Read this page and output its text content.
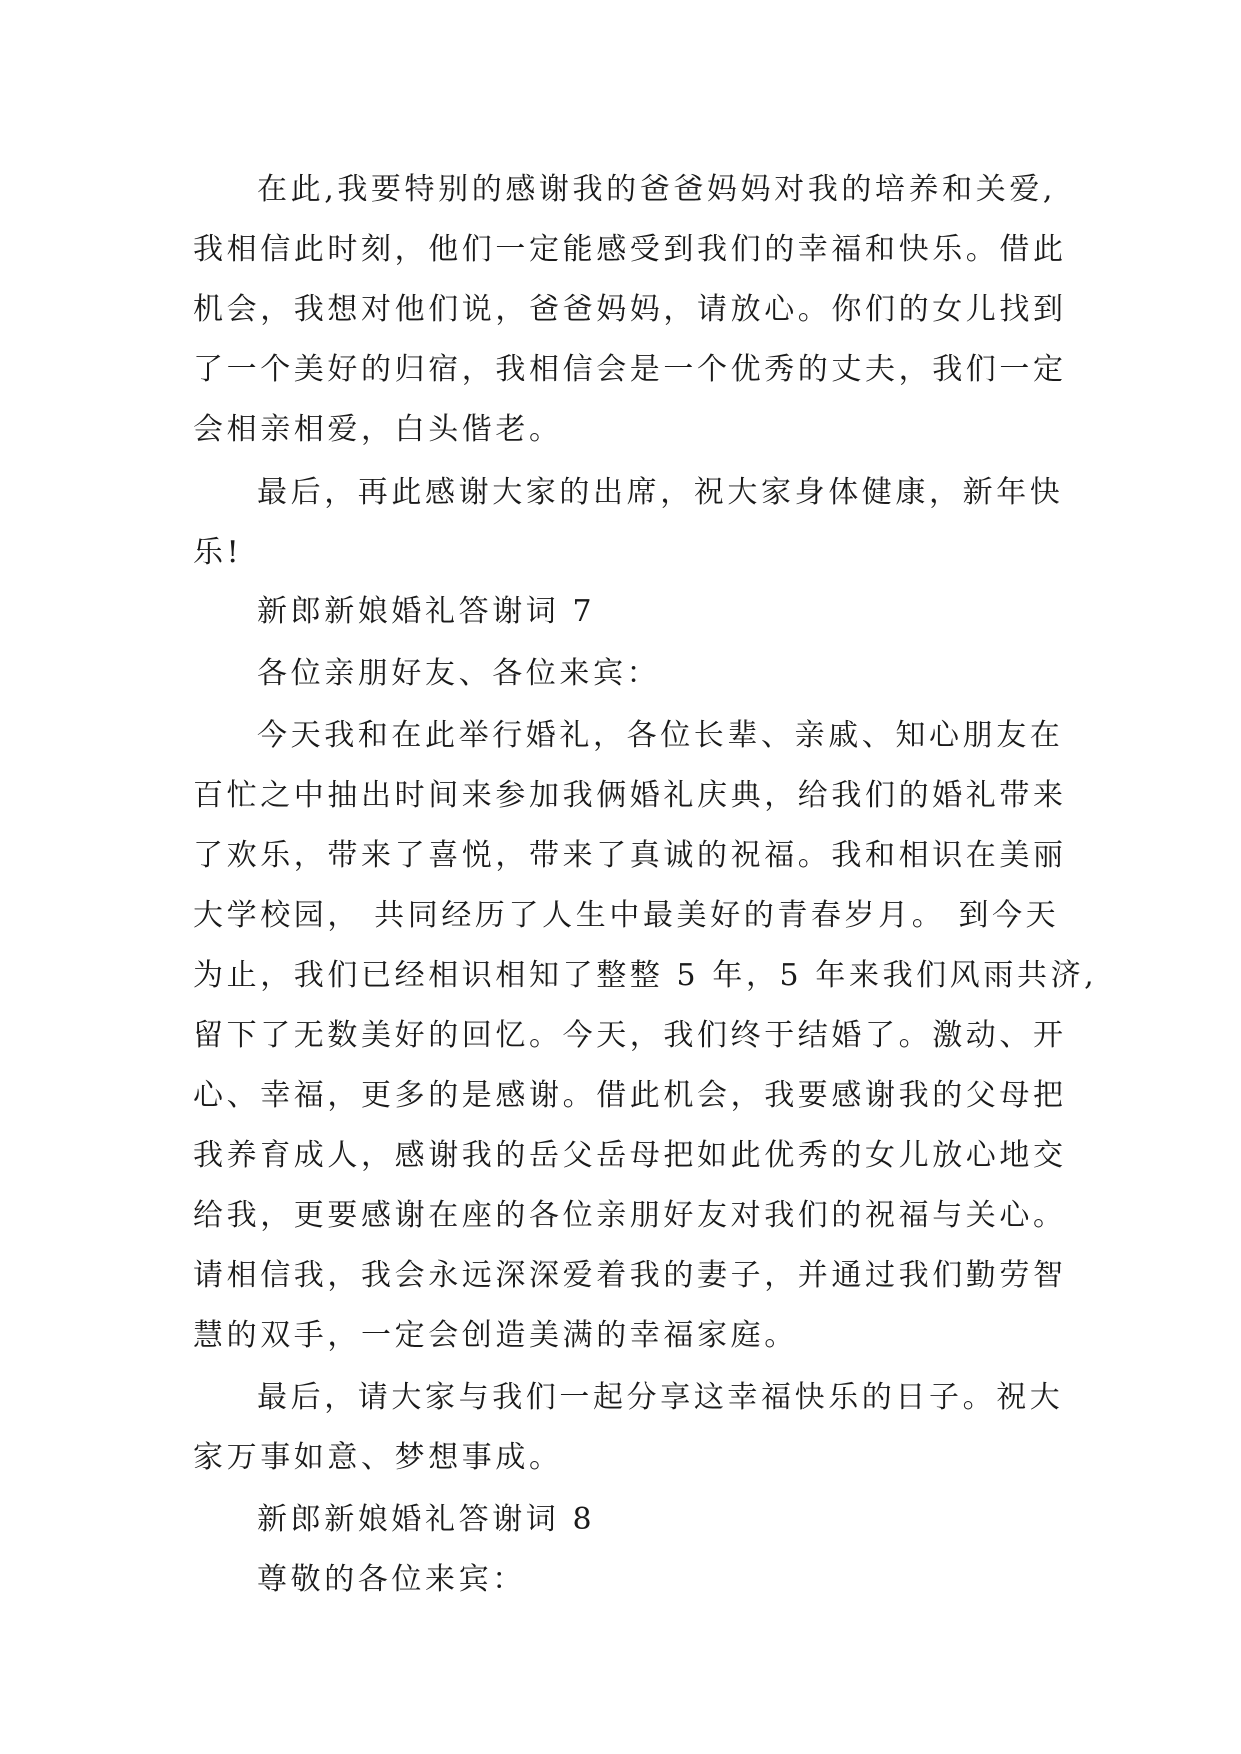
在此,我要特别的感谢我的爸爸妈妈对我的培养和关爱,
我相信此时刻，他们一定能感受到我们的幸福和快乐。借此
机会，我想对他们说，爸爸妈妈，请放心。你们的女儿找到
了一个美好的归宿，我相信会是一个优秀的丈夫，我们一定
会相亲相爱，白头偕老。
最后，再此感谢大家的出席，祝大家身体健康，新年快
乐!
新郎新娘婚礼答谢词 7
各位亲朋好友、各位来宾：
今天我和在此举行婚礼，各位长辈、亲戚、知心朋友在
百忙之中抽出时间来参加我俩婚礼庆典，给我们的婚礼带来
了欢乐，带来了喜悦，带来了真诚的祝福。我和相识在美丽
大学校园， 共同经历了人生中最美好的青春岁月。 到今天
为止，我们已经相识相知了整整 5 年，5 年来我们风雨共济,
留下了无数美好的回忆。今天，我们终于结婚了。激动、开
心、幸福，更多的是感谢。借此机会，我要感谢我的父母把
我养育成人，感谢我的岳父岳母把如此优秀的女儿放心地交
给我，更要感谢在座的各位亲朋好友对我们的祝福与关心。
请相信我，我会永远深深爱着我的妻子，并通过我们勤劳智
慧的双手，一定会创造美满的幸福家庭。
最后，请大家与我们一起分享这幸福快乐的日子。祝大
家万事如意、梦想事成。
新郎新娘婚礼答谢词 8
尊敬的各位来宾：
